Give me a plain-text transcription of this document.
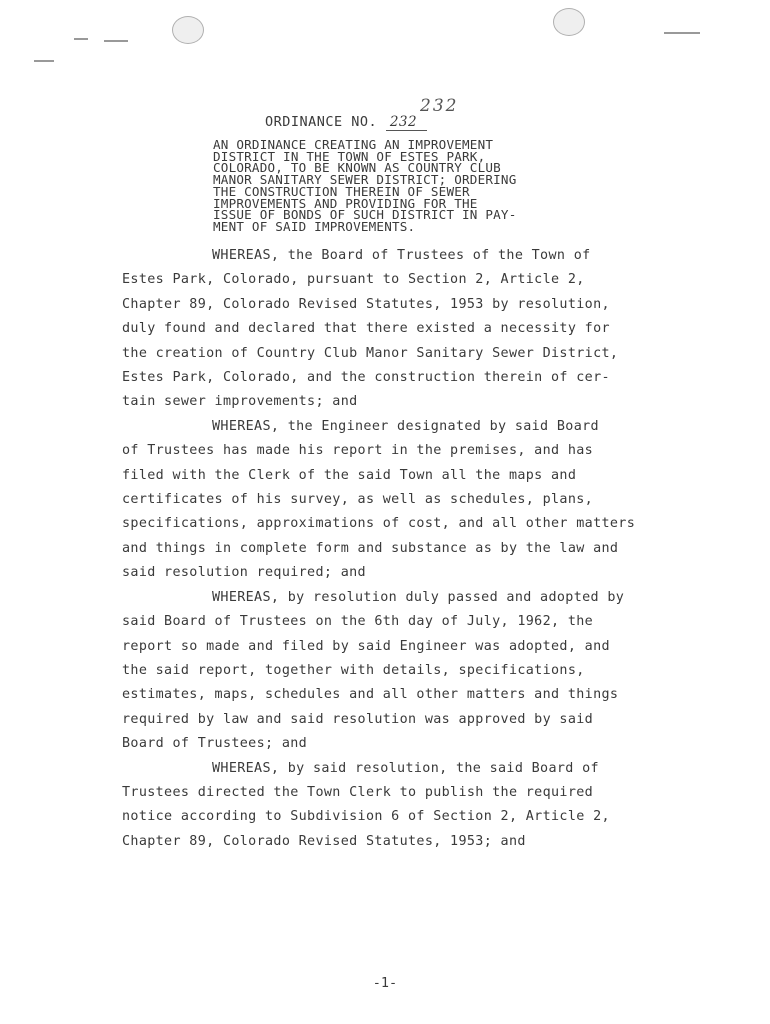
232
ORDINANCE NO. 232
AN ORDINANCE CREATING AN IMPROVEMENT
DISTRICT IN THE TOWN OF ESTES PARK,
COLORADO, TO BE KNOWN AS COUNTRY CLUB
MANOR SANITARY SEWER DISTRICT; ORDERING
THE CONSTRUCTION THEREIN OF SEWER
IMPROVEMENTS AND PROVIDING FOR THE
ISSUE OF BONDS OF SUCH DISTRICT IN PAY-
MENT OF SAID IMPROVEMENTS.

WHEREAS, the Board of Trustees of the Town of
Estes Park, Colorado, pursuant to Section 2, Article 2,
Chapter 89, Colorado Revised Statutes, 1953 by resolution,
duly found and declared that there existed a necessity for
the creation of Country Club Manor Sanitary Sewer District,
Estes Park, Colorado, and the construction therein of cer-
tain sewer improvements; and

WHEREAS, the Engineer designated by said Board
of Trustees has made his report in the premises, and has
filed with the Clerk of the said Town all the maps and
certificates of his survey, as well as schedules, plans,
specifications, approximations of cost, and all other matters
and things in complete form and substance as by the law and
said resolution required; and

WHEREAS, by resolution duly passed and adopted by
said Board of Trustees on the 6th day of July, 1962, the
report so made and filed by said Engineer was adopted, and
the said report, together with details, specifications,
estimates, maps, schedules and all other matters and things
required by law and said resolution was approved by said
Board of Trustees; and

WHEREAS, by said resolution, the said Board of
Trustees directed the Town Clerk to publish the required
notice according to Subdivision 6 of Section 2, Article 2,
Chapter 89, Colorado Revised Statutes, 1953; and

-1-
